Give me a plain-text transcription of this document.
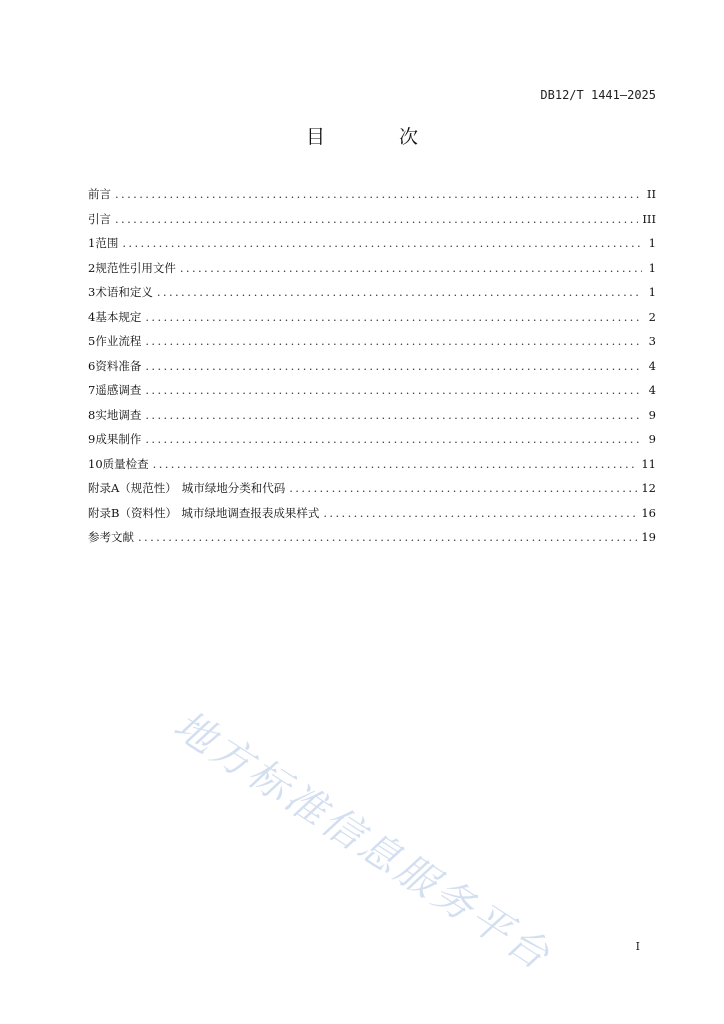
DB12/T 1441—2025
目 次
前言 .....	II
引言 .....	III
1 范围 .....	1
2 规范性引用文件 .....	1
3 术语和定义 .....	1
4 基本规定 .....	2
5 作业流程 .....	3
6 资料准备 .....	4
7 遥感调查 .....	4
8 实地调查 .....	9
9 成果制作 .....	9
10 质量检查 .....	11
附录A（规范性） 城市绿地分类和代码 .....	12
附录B（资料性） 城市绿地调查报表成果样式 .....	16
参考文献 .....	19
地方标准信息服务平台	I
